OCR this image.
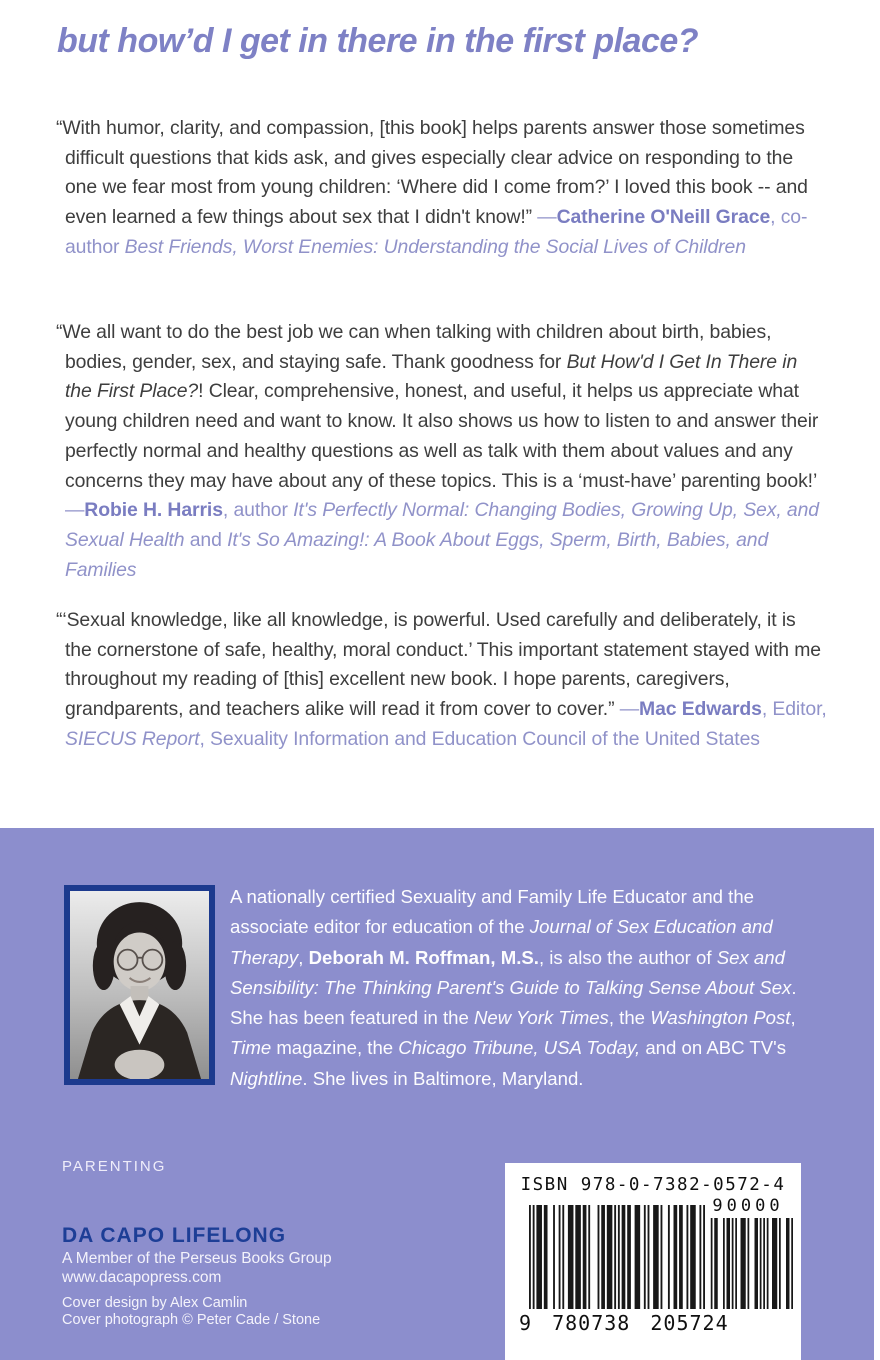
but how’d I get in there in the first place?

“With humor, clarity, and compassion, [this book] helps parents answer those sometimes difficult questions that kids ask, and gives especially clear advice on responding to the one we fear most from young children: ‘Where did I come from?’ I loved this book -- and even learned a few things about sex that I didn't know!” —Catherine O'Neill Grace, co-author Best Friends, Worst Enemies: Understanding the Social Lives of Children

“We all want to do the best job we can when talking with children about birth, babies, bodies, gender, sex, and staying safe. Thank goodness for But How'd I Get In There in the First Place?! Clear, comprehensive, honest, and useful, it helps us appreciate what young children need and want to know. It also shows us how to listen to and answer their perfectly normal and healthy questions as well as talk with them about values and any concerns they may have about any of these topics. This is a ‘must-have’ parenting book!’ —Robie H. Harris, author It's Perfectly Normal: Changing Bodies, Growing Up, Sex, and Sexual Health and It's So Amazing!: A Book About Eggs, Sperm, Birth, Babies, and Families

“‘Sexual knowledge, like all knowledge, is powerful. Used carefully and deliberately, it is the cornerstone of safe, healthy, moral conduct.’ This important statement stayed with me throughout my reading of [this] excellent new book. I hope parents, caregivers, grandparents, and teachers alike will read it from cover to cover.” —Mac Edwards, Editor, SIECUS Report, Sexuality Information and Education Council of the United States

A nationally certified Sexuality and Family Life Educator and the associate editor for education of the Journal of Sex Education and Therapy, Deborah M. Roffman, M.S., is also the author of Sex and Sensibility: The Thinking Parent's Guide to Talking Sense About Sex. She has been featured in the New York Times, the Washington Post, Time magazine, the Chicago Tribune, USA Today, and on ABC TV's Nightline. She lives in Baltimore, Maryland.

PARENTING
DA CAPO LIFELONG
A Member of the Perseus Books Group
www.dacapopress.com
Cover design by Alex Camlin
Cover photograph © Peter Cade / Stone
ISBN 978-0-7382-0572-4
90000
9 780738 205724
